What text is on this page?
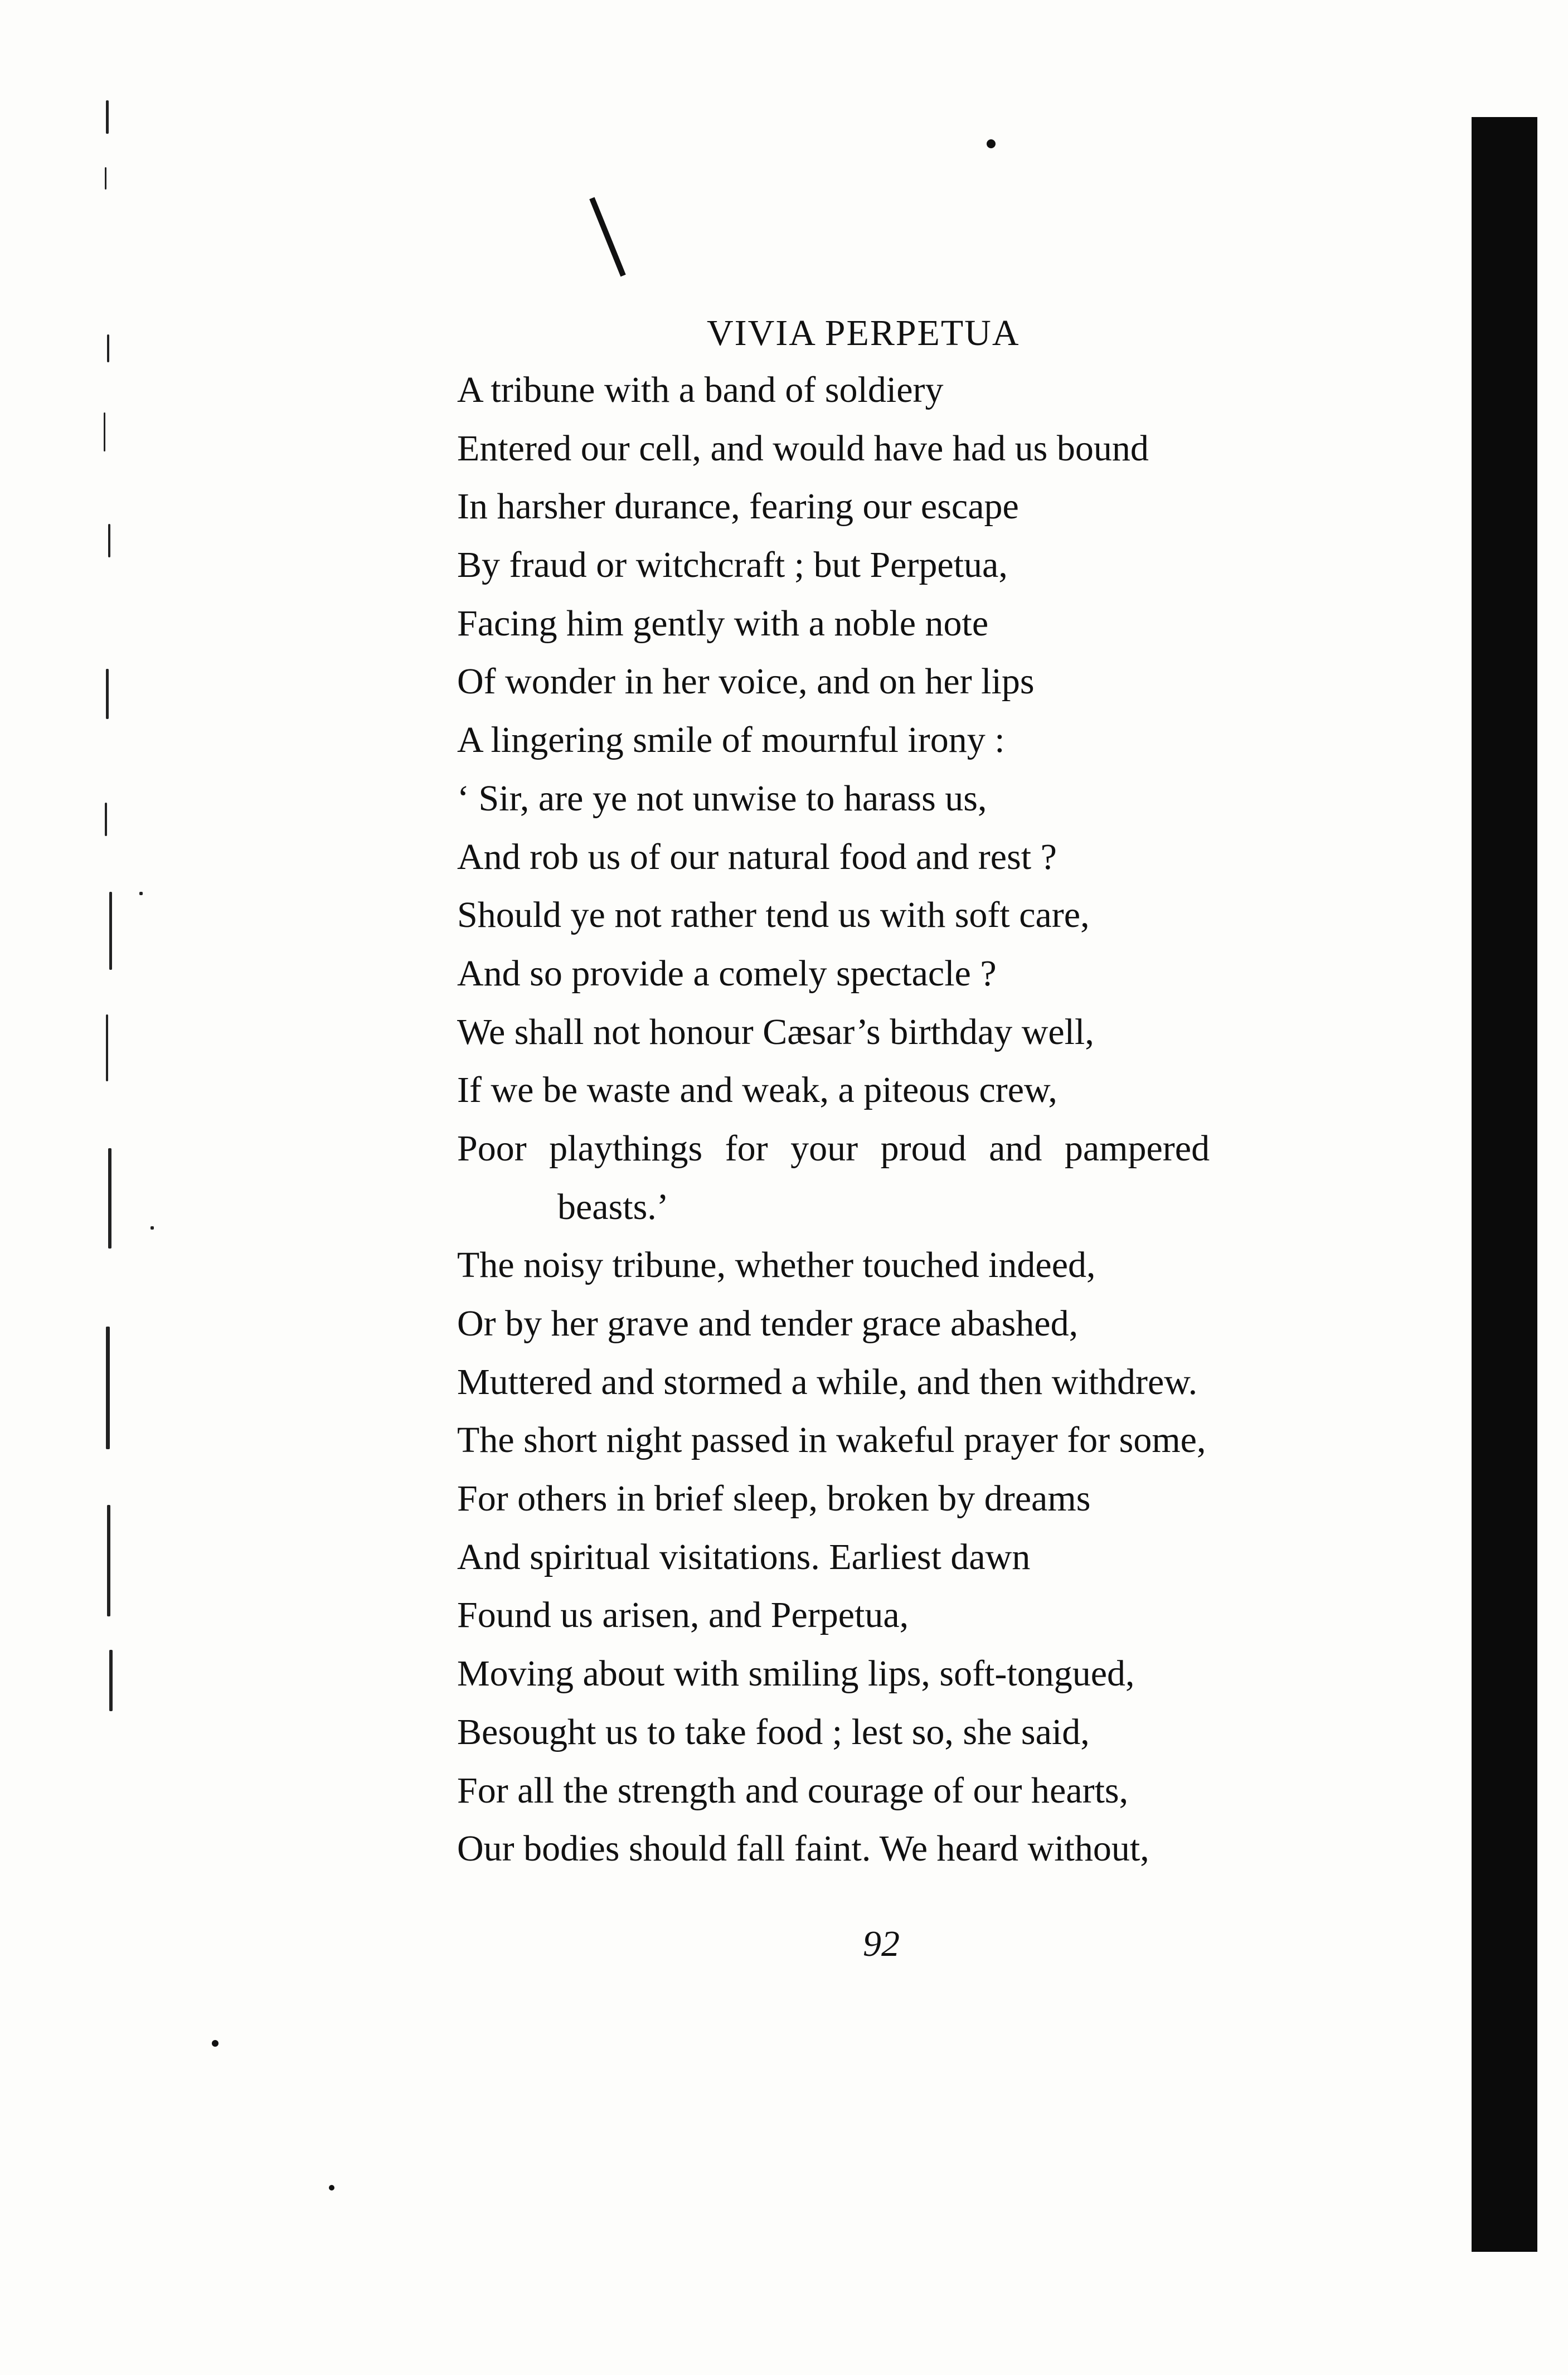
VIVIA PERPETUA
A tribune with a band of soldiery
Entered our cell, and would have had us bound
In harsher durance, fearing our escape
By fraud or witchcraft ; but Perpetua,
Facing him gently with a noble note
Of wonder in her voice, and on her lips
A lingering smile of mournful irony :
‘ Sir, are ye not unwise to harass us,
And rob us of our natural food and rest ?
Should ye not rather tend us with soft care,
And so provide a comely spectacle ?
We shall not honour Cæsar’s birthday well,
If we be waste and weak, a piteous crew,
Poor playthings for your proud and pampered
beasts.’
The noisy tribune, whether touched indeed,
Or by her grave and tender grace abashed,
Muttered and stormed a while, and then withdrew.
The short night passed in wakeful prayer for some,
For others in brief sleep, broken by dreams
And spiritual visitations. Earliest dawn
Found us arisen, and Perpetua,
Moving about with smiling lips, soft-tongued,
Besought us to take food ; lest so, she said,
For all the strength and courage of our hearts,
Our bodies should fall faint. We heard without,
92
